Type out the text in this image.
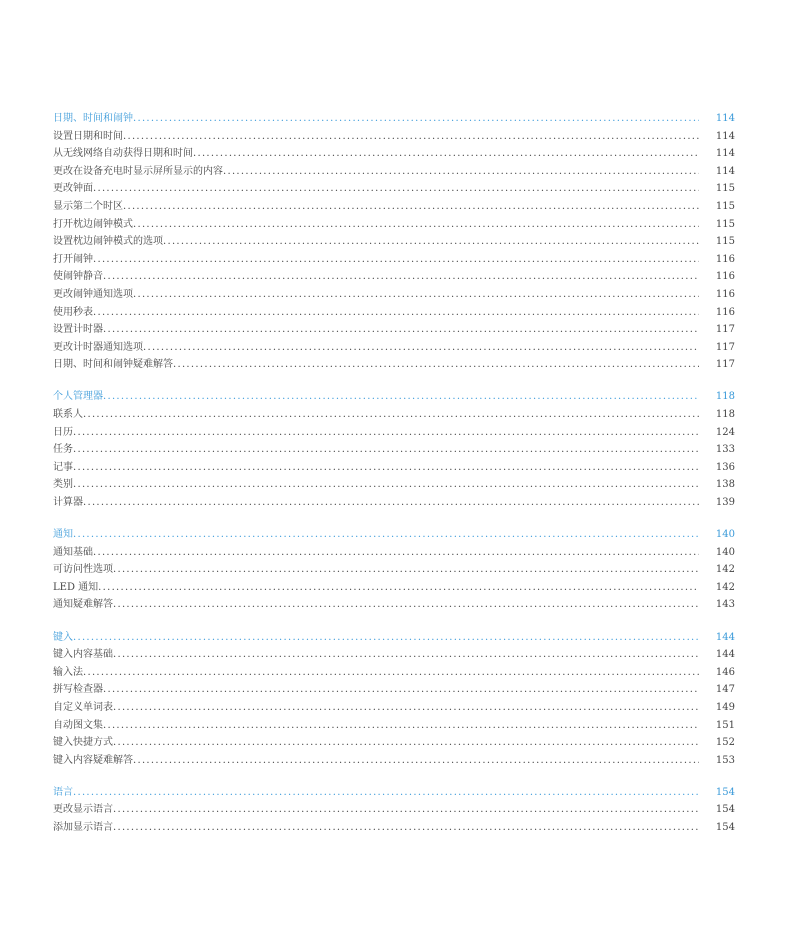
日期、时间和闹钟 .....	114
设置日期和时间 .....	114
从无线网络自动获得日期和时间 .....	114
更改在设备充电时显示屏所显示的内容 .....	114
更改钟面 .....	115
显示第二个时区 .....	115
打开枕边闹钟模式 .....	115
设置枕边闹钟模式的选项 .....	115
打开闹钟 .....	116
使闹钟静音 .....	116
更改闹钟通知选项 .....	116
使用秒表 .....	116
设置计时器 .....	117
更改计时器通知选项 .....	117
日期、时间和闹钟疑难解答 .....	117
个人管理器 .....	118
联系人 .....	118
日历 .....	124
任务 .....	133
记事 .....	136
类别 .....	138
计算器 .....	139
通知 .....	140
通知基础 .....	140
可访问性选项 .....	142
LED 通知 .....	142
通知疑难解答 .....	143
键入 .....	144
键入内容基础 .....	144
输入法 .....	146
拼写检查器 .....	147
自定义单词表 .....	149
自动图文集 .....	151
键入快捷方式 .....	152
键入内容疑难解答 .....	153
语言 .....	154
更改显示语言 .....	154
添加显示语言 .....	154
